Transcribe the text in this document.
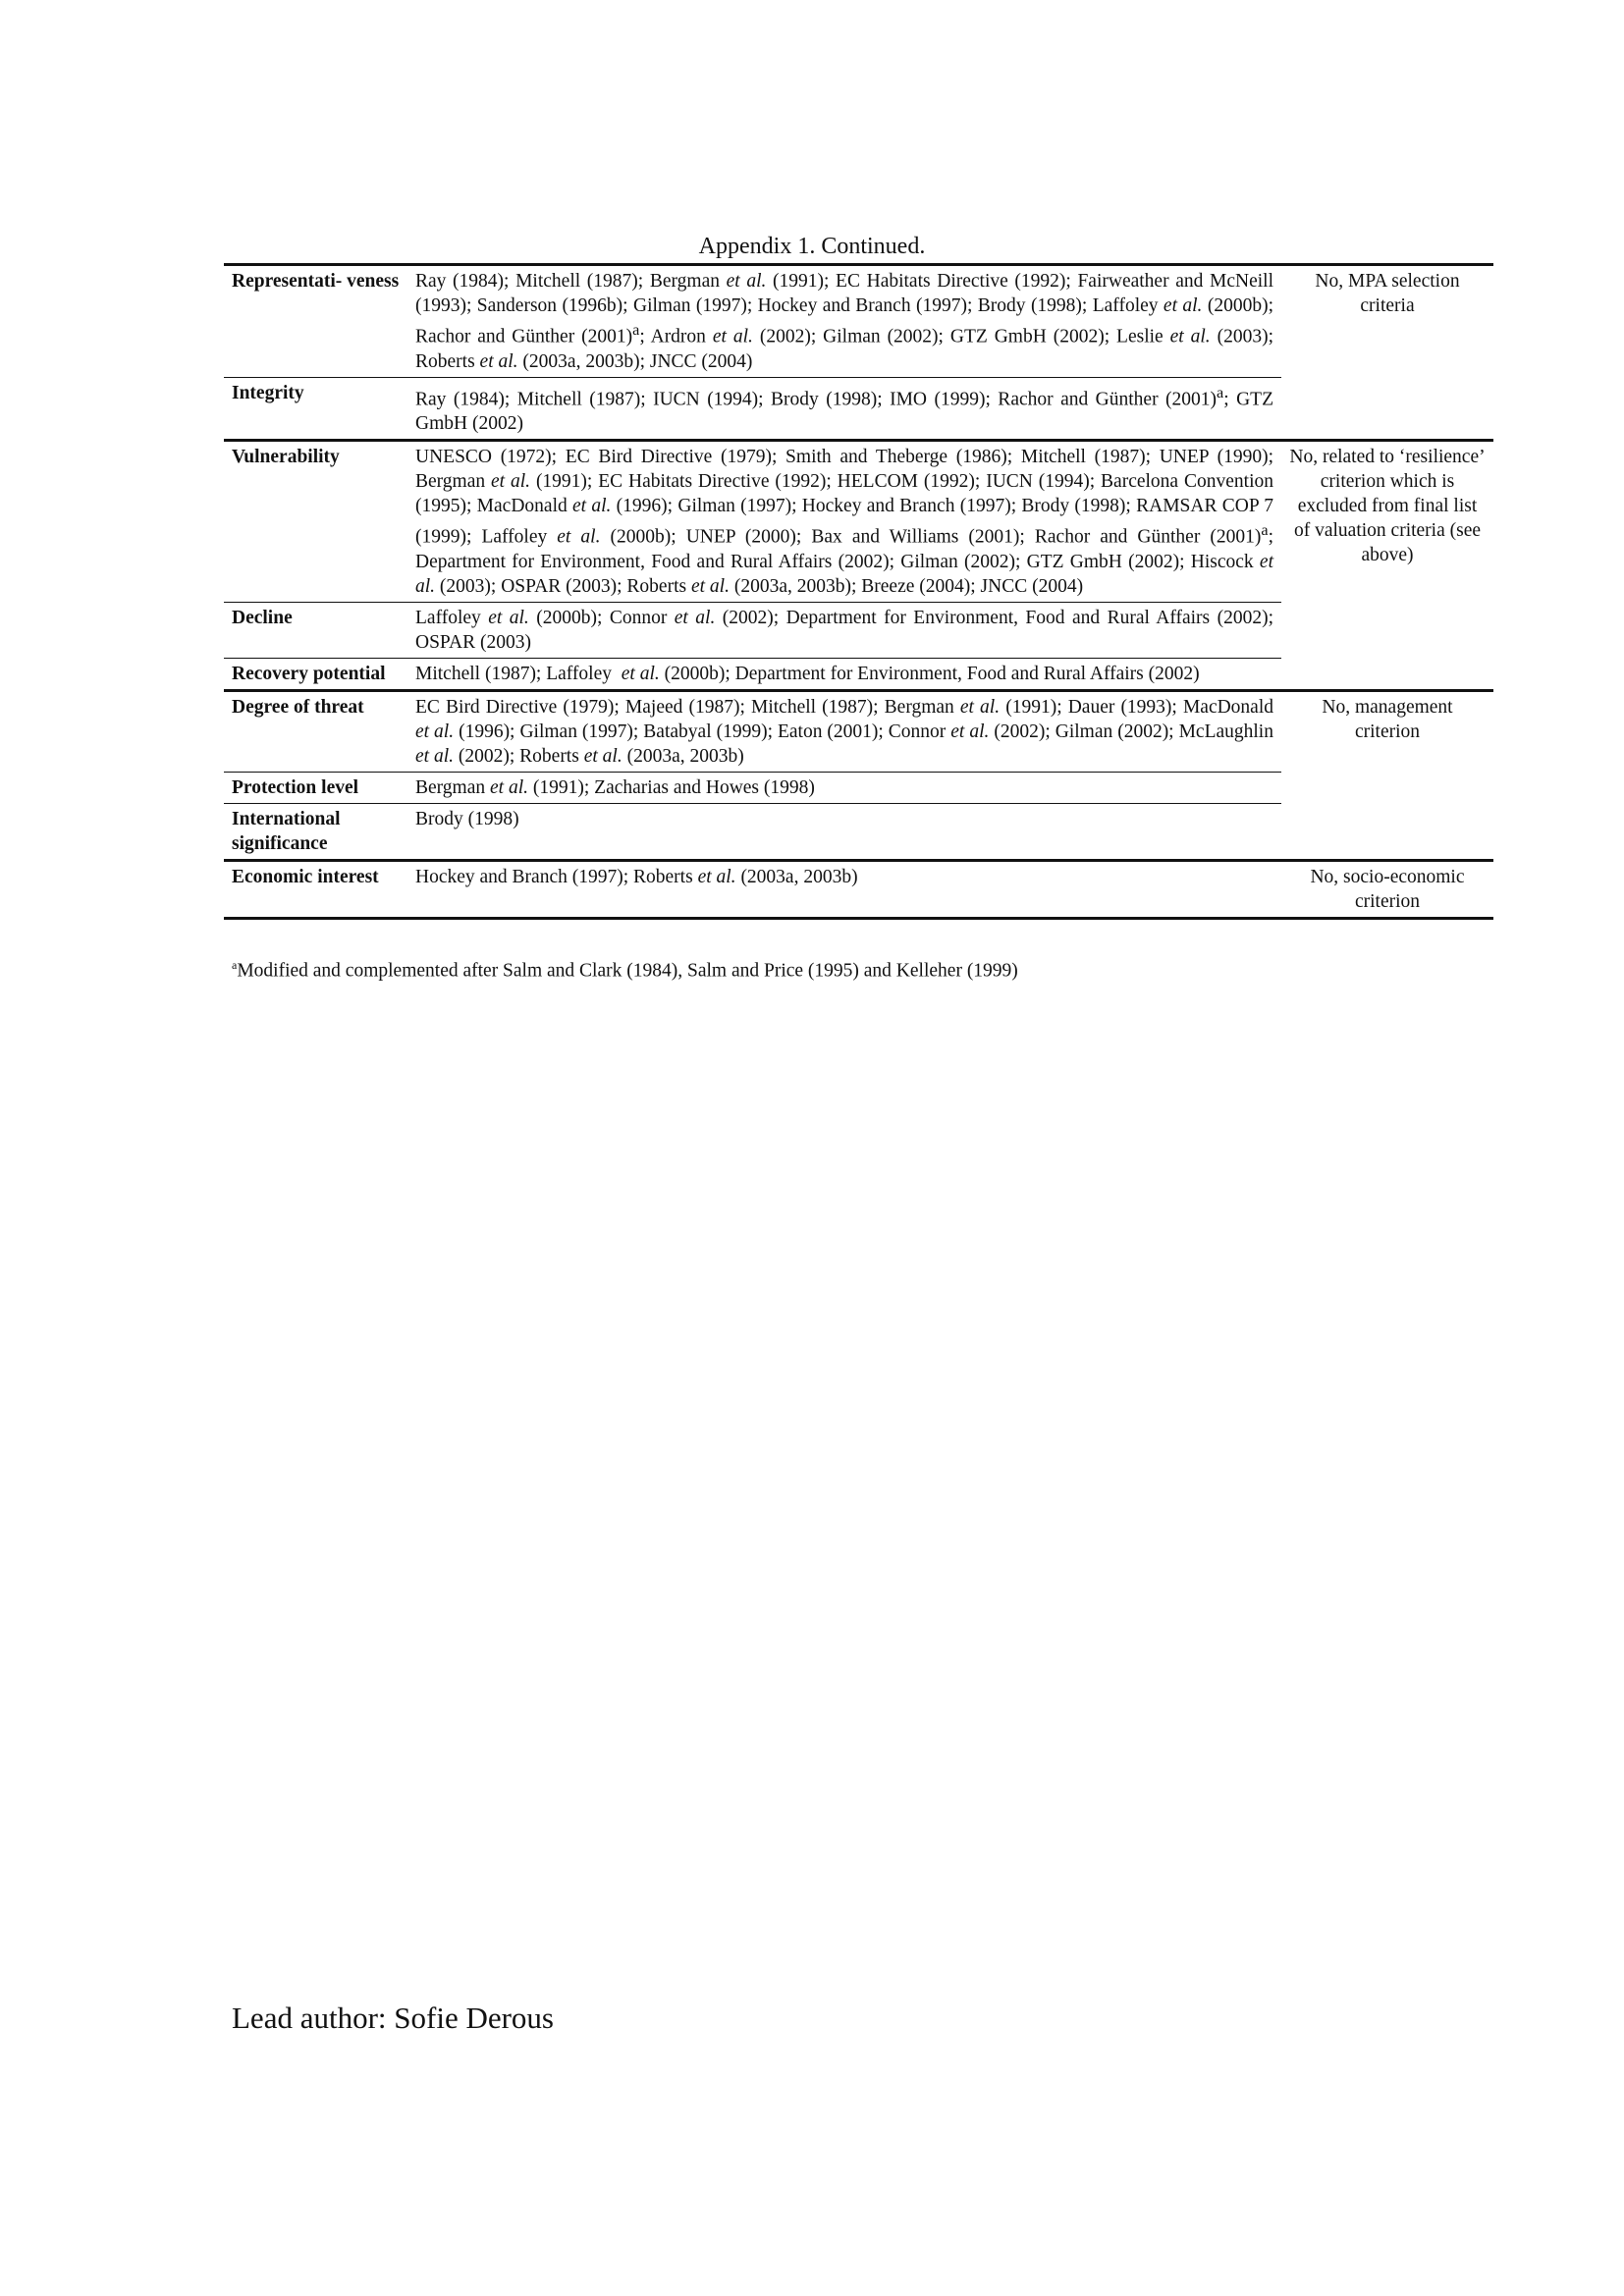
Appendix 1. Continued.
Representati- veness	Ray (1984); Mitchell (1987); Bergman et al. (1991); EC Habitats Directive (1992); Fairweather and McNeill (1993); Sanderson (1996b); Gilman (1997); Hockey and Branch (1997); Brody (1998); Laffoley et al. (2000b); Rachor and Günther $(2001)^a$; Ardron et al. (2002); Gilman (2002); GTZ GmbH (2002); Leslie et al. (2003); Roberts et al. (2003a, 2003b); JNCC (2004)	No, MPA selection criteria
Integrity	Ray (1984); Mitchell (1987); IUCN (1994); Brody (1998); IMO (1999); Rachor and Günther $(2001)^a$; GTZ GmbH (2002)	
Vulnerability	UNESCO (1972); EC Bird Directive (1979); Smith and Theberge (1986); Mitchell (1987); UNEP (1990); Bergman et al. (1991); EC Habitats Directive (1992); HELCOM (1992); IUCN (1994); Barcelona Convention (1995); MacDonald et al. (1996); Gilman (1997); Hockey and Branch (1997); Brody (1998); RAMSAR COP 7 (1999); Laffoley et al. (2000b); UNEP (2000); Bax and Williams (2001); Rachor and Günther $(2001)^a$; Department for Environment, Food and Rural Affairs (2002); Gilman (2002); GTZ GmbH (2002); Hiscock et al. (2003); OSPAR (2003); Roberts et al. (2003a, 2003b); Breeze (2004); JNCC (2004)	No, related to ‘resilience’ criterion which is excluded from final list of valuation criteria (see above)
Decline	Laffoley et al. (2000b); Connor et al. (2002); Department for Environment, Food and Rural Affairs (2002); OSPAR (2003)	
Recovery potential	Mitchell (1987); Laffoley  et al. (2000b); Department for Environment, Food and Rural Affairs (2002)	
Degree of threat	EC Bird Directive (1979); Majeed (1987); Mitchell (1987); Bergman et al. (1991); Dauer (1993); MacDonald et al. (1996); Gilman (1997); Batabyal (1999); Eaton (2001); Connor et al. (2002); Gilman (2002); McLaughlin et al. (2002); Roberts et al. (2003a, 2003b)	No, management criterion
Protection level	Bergman et al. (1991); Zacharias and Howes (1998)	
International significance	Brody (1998)	
Economic interest	Hockey and Branch (1997); Roberts et al. (2003a, 2003b)	No, socio-economic criterion
$^a$Modified and complemented after Salm and Clark (1984), Salm and Price (1995) and Kelleher (1999)
Lead author: Sofie Derous
